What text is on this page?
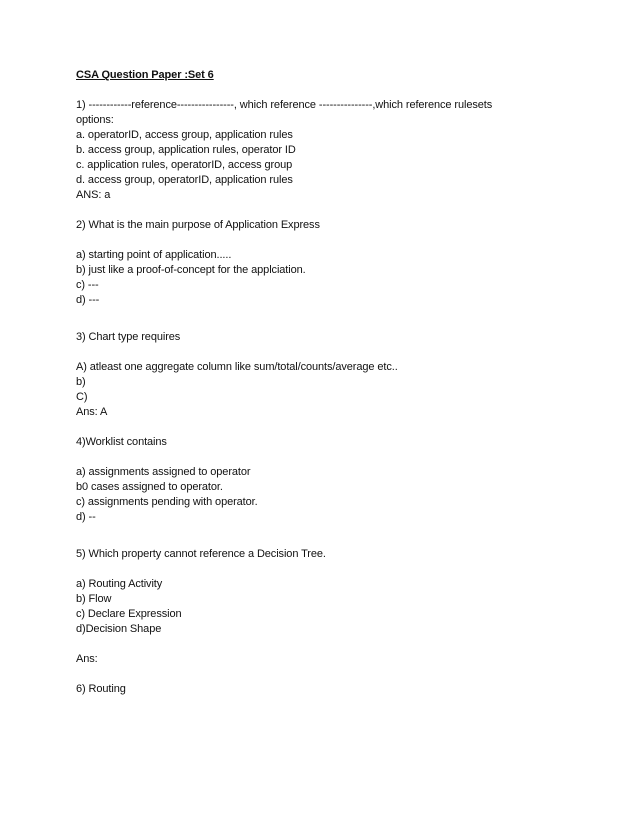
CSA Question Paper :Set 6

1) ------------reference----------------, which reference ---------------,which reference rulesets

options:

a. operatorID, access group, application rules

b. access group, application rules, operator ID

c. application rules, operatorID, access group

d. access group, operatorID, application rules

ANS: a

2) What is the main purpose of Application Express

a) starting point of application.....

b) just like a proof-of-concept for the applciation.

c) ---

d) ---

3) Chart type requires

A) atleast one aggregate column like sum/total/counts/average etc..

b)

C)

Ans: A

4)Worklist contains

a) assignments assigned to operator

b0 cases assigned to operator.

c) assignments pending with operator.

d) --

5) Which property cannot reference a Decision Tree.

a) Routing Activity

b) Flow

c) Declare Expression

d)Decision Shape

Ans:

6) Routing
